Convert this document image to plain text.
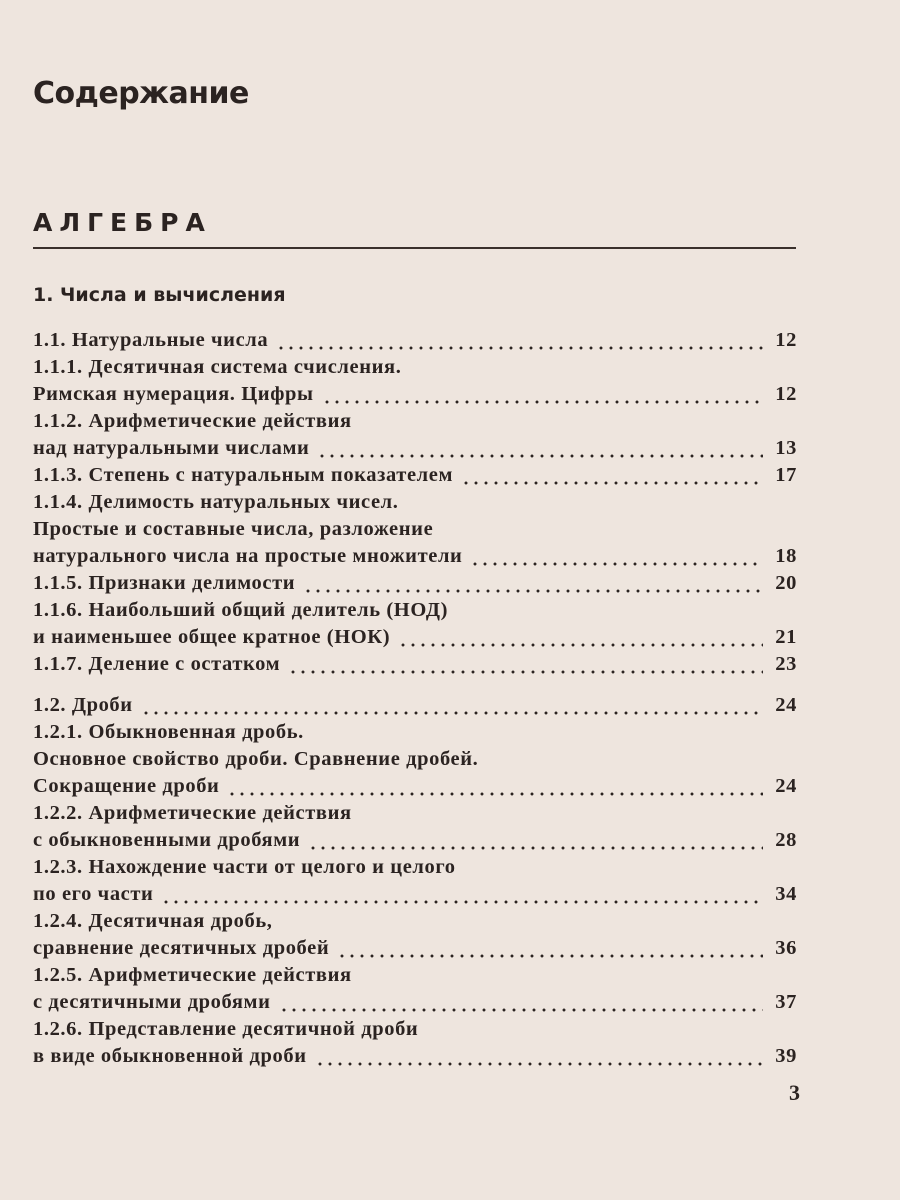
Содержание
АЛГЕБРА
1. Числа и вычисления
1.1. Натуральные числа	12
1.1.1. Десятичная система счисления.
Римская нумерация. Цифры	12
1.1.2. Арифметические действия
над натуральными числами	13
1.1.3. Степень с натуральным показателем	17
1.1.4. Делимость натуральных чисел.
Простые и составные числа, разложение
натурального числа на простые множители	18
1.1.5. Признаки делимости	20
1.1.6. Наибольший общий делитель (НОД)
и наименьшее общее кратное (НОК)	21
1.1.7. Деление с остатком	23
1.2. Дроби	24
1.2.1. Обыкновенная дробь.
Основное свойство дроби. Сравнение дробей.
Сокращение дроби	24
1.2.2. Арифметические действия
с обыкновенными дробями	28
1.2.3. Нахождение части от целого и целого
по его части	34
1.2.4. Десятичная дробь,
сравнение десятичных дробей	36
1.2.5. Арифметические действия
с десятичными дробями	37
1.2.6. Представление десятичной дроби
в виде обыкновенной дроби	39
3
